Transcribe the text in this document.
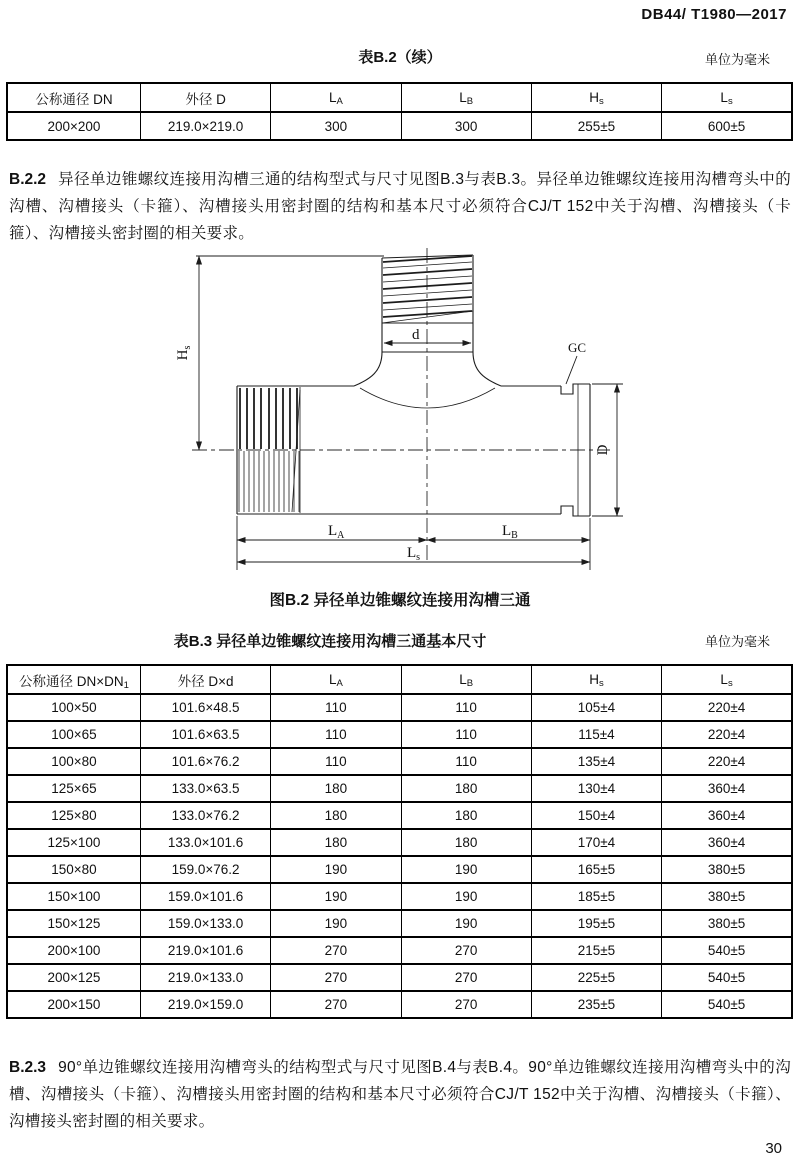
DB44/ T1980—2017
表B.2（续）	单位为毫米
公称通径 DN	外径 D	$L_A$	$L_B$	$H_s$	$L_s$
200×200	219.0×219.0	300	300	255±5	600±5

B.2.2 异径单边锥螺纹连接用沟槽三通的结构型式与尺寸见图B.3与表B.3。异径单边锥螺纹连接用沟槽弯头中的沟槽、沟槽接头（卡箍）、沟槽接头用密封圈的结构和基本尺寸必须符合CJ/T 152中关于沟槽、沟槽接头（卡箍）、沟槽接头密封圈的相关要求。

$H_s$
d
GC
D
$L_A$	$L_B$
$L_s$
图B.2 异径单边锥螺纹连接用沟槽三通
表B.3 异径单边锥螺纹连接用沟槽三通基本尺寸	单位为毫米
公称通径 $DN\times DN_1$	外径 D×d	$L_A$	$L_B$	$H_s$	$L_s$
100×50	101.6×48.5	110	110	105±4	220±4
100×65	101.6×63.5	110	110	115±4	220±4
100×80	101.6×76.2	110	110	135±4	220±4
125×65	133.0×63.5	180	180	130±4	360±4
125×80	133.0×76.2	180	180	150±4	360±4
125×100	133.0×101.6	180	180	170±4	360±4
150×80	159.0×76.2	190	190	165±5	380±5
150×100	159.0×101.6	190	190	185±5	380±5
150×125	159.0×133.0	190	190	195±5	380±5
200×100	219.0×101.6	270	270	215±5	540±5
200×125	219.0×133.0	270	270	225±5	540±5
200×150	219.0×159.0	270	270	235±5	540±5

B.2.3 90°单边锥螺纹连接用沟槽弯头的结构型式与尺寸见图B.4与表B.4。90°单边锥螺纹连接用沟槽弯头中的沟槽、沟槽接头（卡箍）、沟槽接头用密封圈的结构和基本尺寸必须符合CJ/T 152中关于沟槽、沟槽接头（卡箍）、沟槽接头密封圈的相关要求。

30
